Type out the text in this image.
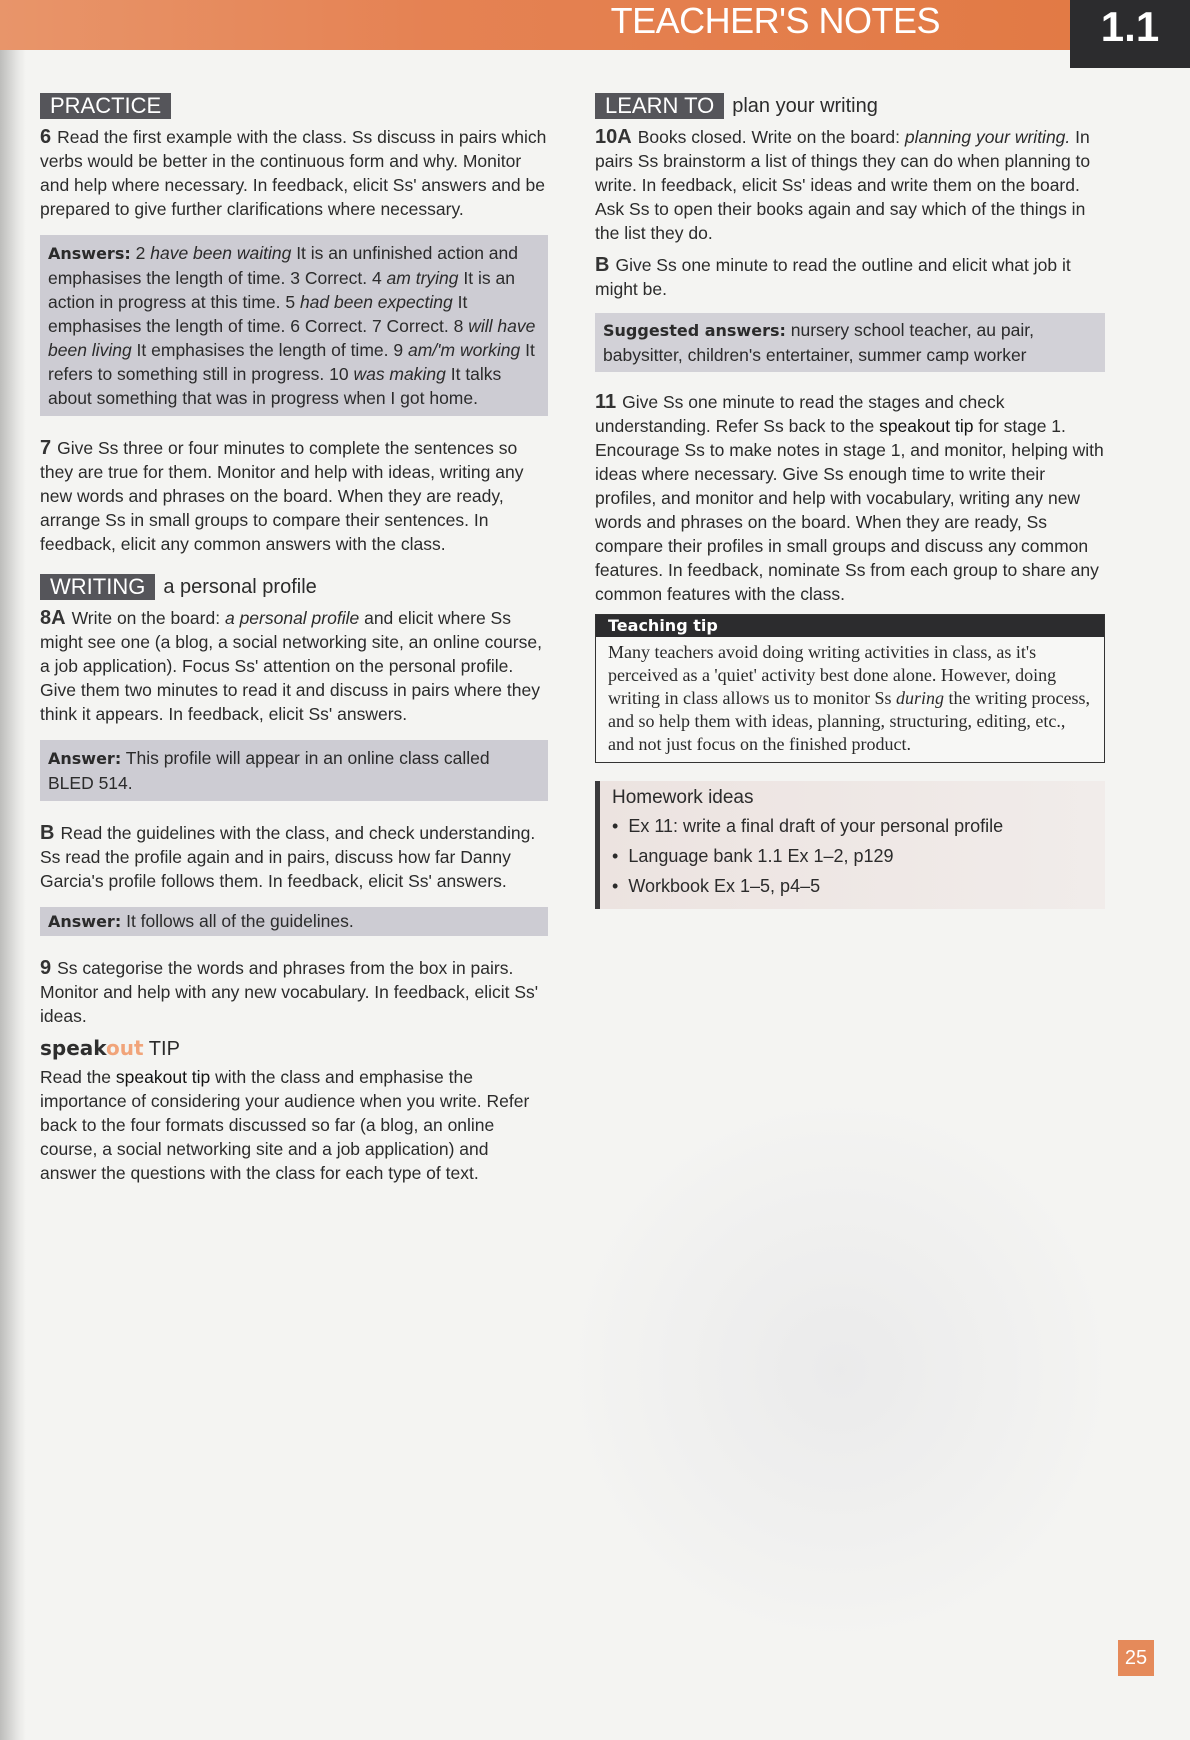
TEACHER'S NOTES	1.1
PRACTICE

6 Read the first example with the class. Ss discuss in pairs which verbs would be better in the continuous form and why. Monitor and help where necessary. In feedback, elicit Ss' answers and be prepared to give further clarifications where necessary.

Answers: 2 have been waiting It is an unfinished action and emphasises the length of time. 3 Correct. 4 am trying It is an action in progress at this time. 5 had been expecting It emphasises the length of time. 6 Correct. 7 Correct. 8 will have been living It emphasises the length of time. 9 am/'m working It refers to something still in progress. 10 was making It talks about something that was in progress when I got home.

7 Give Ss three or four minutes to complete the sentences so they are true for them. Monitor and help with ideas, writing any new words and phrases on the board. When they are ready, arrange Ss in small groups to compare their sentences. In feedback, elicit any common answers with the class.

WRITING a personal profile

8A Write on the board: a personal profile and elicit where Ss might see one (a blog, a social networking site, an online course, a job application). Focus Ss' attention on the personal profile. Give them two minutes to read it and discuss in pairs where they think it appears. In feedback, elicit Ss' answers.

Answer: This profile will appear in an online class called BLED 514.

B Read the guidelines with the class, and check understanding. Ss read the profile again and in pairs, discuss how far Danny Garcia's profile follows them. In feedback, elicit Ss' answers.

Answer: It follows all of the guidelines.

9 Ss categorise the words and phrases from the box in pairs. Monitor and help with any new vocabulary. In feedback, elicit Ss' ideas.

speakout TIP

Read the speakout tip with the class and emphasise the importance of considering your audience when you write. Refer back to the four formats discussed so far (a blog, an online course, a social networking site and a job application) and answer the questions with the class for each type of text.

LEARN TO plan your writing

10A Books closed. Write on the board: planning your writing. In pairs Ss brainstorm a list of things they can do when planning to write. In feedback, elicit Ss' ideas and write them on the board. Ask Ss to open their books again and say which of the things in the list they do.

B Give Ss one minute to read the outline and elicit what job it might be.

Suggested answers: nursery school teacher, au pair, babysitter, children's entertainer, summer camp worker

11 Give Ss one minute to read the stages and check understanding. Refer Ss back to the speakout tip for stage 1. Encourage Ss to make notes in stage 1, and monitor, helping with ideas where necessary. Give Ss enough time to write their profiles, and monitor and help with vocabulary, writing any new words and phrases on the board. When they are ready, Ss compare their profiles in small groups and discuss any common features. In feedback, nominate Ss from each group to share any common features with the class.

Teaching tip
Many teachers avoid doing writing activities in class, as it's perceived as a 'quiet' activity best done alone. However, doing writing in class allows us to monitor Ss during the writing process, and so help them with ideas, planning, structuring, editing, etc., and not just focus on the finished product.
Homework ideas
• Ex 11: write a final draft of your personal profile
• Language bank 1.1 Ex 1–2, p129
• Workbook Ex 1–5, p4–5
25
